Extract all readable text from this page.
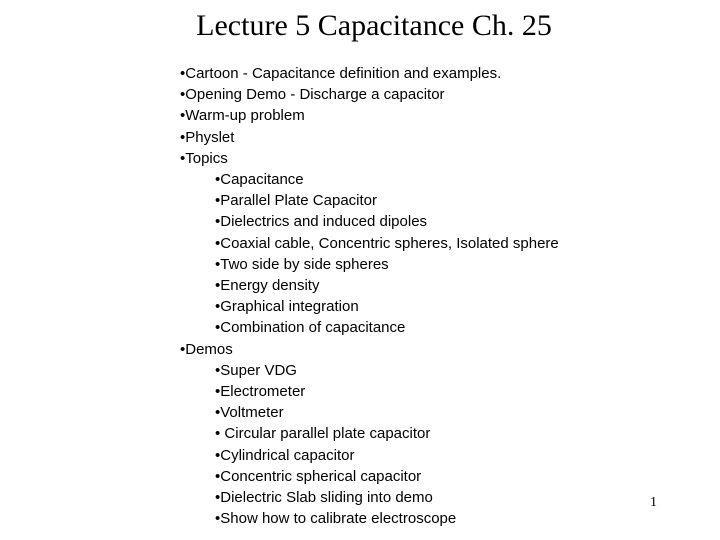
Lecture 5 Capacitance Ch. 25
•Cartoon - Capacitance definition and examples.
•Opening Demo - Discharge a capacitor
•Warm-up problem
•Physlet
•Topics
•Capacitance
•Parallel Plate Capacitor
•Dielectrics and induced dipoles
•Coaxial cable, Concentric spheres, Isolated sphere
•Two side by side spheres
•Energy density
•Graphical integration
•Combination of capacitance
•Demos
•Super VDG
•Electrometer
•Voltmeter
• Circular parallel plate capacitor
•Cylindrical capacitor
•Concentric spherical capacitor
•Dielectric Slab sliding into demo
•Show how to calibrate electroscope
1
